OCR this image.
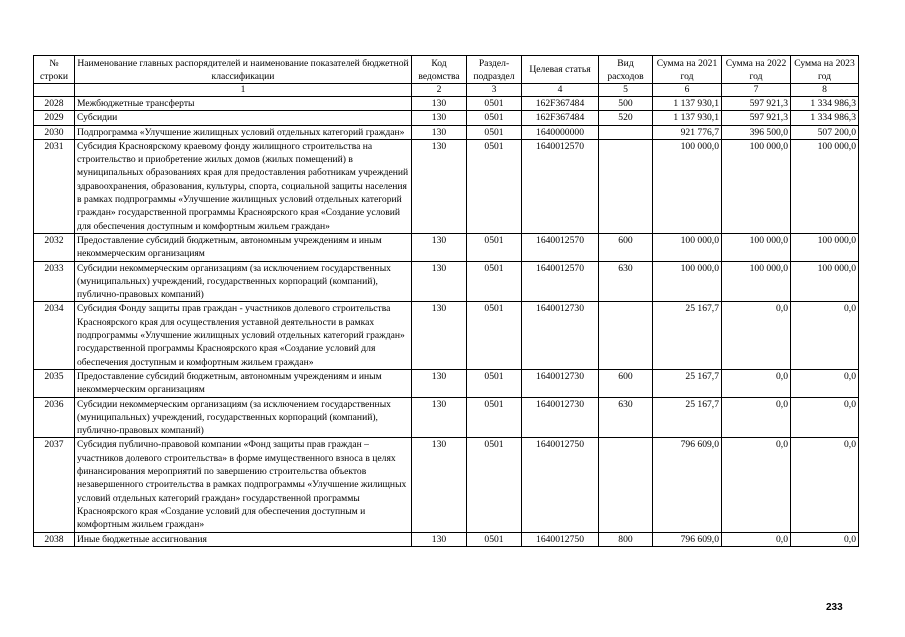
№ строки	Наименование главных распорядителей и наименование показателей бюджетной классификации	Код ведомства	Раздел-подраздел	Целевая статья	Вид расходов	Сумма на 2021 год	Сумма на 2022 год	Сумма на 2023 год
	1	2	3	4	5	6	7	8
2028	Межбюджетные трансферты	130	0501	162F367484	500	1 137 930,1	597 921,3	1 334 986,3
2029	Субсидии	130	0501	162F367484	520	1 137 930,1	597 921,3	1 334 986,3
2030	Подпрограмма «Улучшение жилищных условий отдельных категорий граждан»	130	0501	1640000000		921 776,7	396 500,0	507 200,0
2031	Субсидия Красноярскому краевому фонду жилищного строительства на строительство и приобретение жилых домов (жилых помещений) в муниципальных образованиях края для предоставления работникам учреждений здравоохранения, образования, культуры, спорта, социальной защиты населения в рамках подпрограммы «Улучшение жилищных условий отдельных категорий граждан» государственной программы Красноярского края «Создание условий для обеспечения доступным и комфортным жильем граждан»	130	0501	1640012570		100 000,0	100 000,0	100 000,0
2032	Предоставление субсидий бюджетным, автономным учреждениям и иным некоммерческим организациям	130	0501	1640012570	600	100 000,0	100 000,0	100 000,0
2033	Субсидии некоммерческим организациям (за исключением государственных (муниципальных) учреждений, государственных корпораций (компаний), публично-правовых компаний)	130	0501	1640012570	630	100 000,0	100 000,0	100 000,0
2034	Субсидия Фонду защиты прав граждан - участников долевого строительства Красноярского края для осуществления уставной деятельности в рамках подпрограммы «Улучшение жилищных условий отдельных категорий граждан» государственной программы Красноярского края «Создание условий для обеспечения доступным и комфортным жильем граждан»	130	0501	1640012730		25 167,7	0,0	0,0
2035	Предоставление субсидий бюджетным, автономным учреждениям и иным некоммерческим организациям	130	0501	1640012730	600	25 167,7	0,0	0,0
2036	Субсидии некоммерческим организациям (за исключением государственных (муниципальных) учреждений, государственных корпораций (компаний), публично-правовых компаний)	130	0501	1640012730	630	25 167,7	0,0	0,0
2037	Субсидия публично-правовой компании «Фонд защиты прав граждан – участников долевого строительства» в форме имущественного взноса в целях финансирования мероприятий по завершению строительства объектов незавершенного строительства в рамках подпрограммы «Улучшение жилищных условий отдельных категорий граждан» государственной программы Красноярского края «Создание условий для обеспечения доступным и комфортным жильем граждан»	130	0501	1640012750		796 609,0	0,0	0,0
2038	Иные бюджетные ассигнования	130	0501	1640012750	800	796 609,0	0,0	0,0
233
